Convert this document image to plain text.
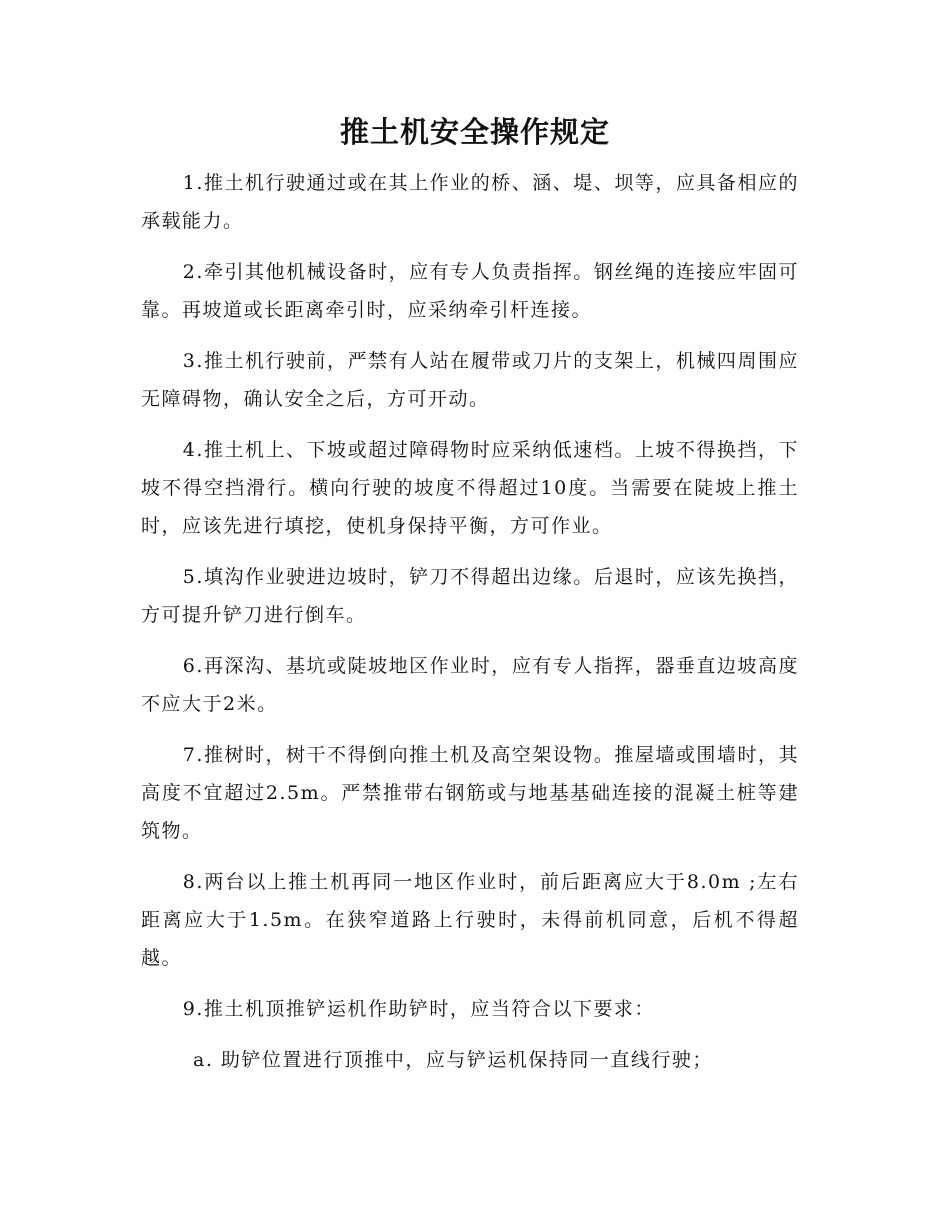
推土机安全操作规定

1.推土机行驶通过或在其上作业的桥、涵、堤、坝等，应具备相应的承载能力。

2.牵引其他机械设备时，应有专人负责指挥。钢丝绳的连接应牢固可靠。再坡道或长距离牵引时，应采纳牵引杆连接。

3.推土机行驶前，严禁有人站在履带或刀片的支架上，机械四周围应无障碍物，确认安全之后，方可开动。

4.推土机上、下坡或超过障碍物时应采纳低速档。上坡不得换挡，下坡不得空挡滑行。横向行驶的坡度不得超过10度。当需要在陡坡上推土时，应该先进行填挖，使机身保持平衡，方可作业。

5.填沟作业驶进边坡时，铲刀不得超出边缘。后退时，应该先换挡，方可提升铲刀进行倒车。

6.再深沟、基坑或陡坡地区作业时，应有专人指挥，器垂直边坡高度不应大于2米。

7.推树时，树干不得倒向推土机及高空架设物。推屋墙或围墙时，其高度不宜超过2.5m。严禁推带右钢筋或与地基基础连接的混凝土桩等建筑物。

8.两台以上推土机再同一地区作业时，前后距离应大于8.0m ;左右距离应大于1.5m。在狭窄道路上行驶时，未得前机同意，后机不得超越。

9.推土机顶推铲运机作助铲时，应当符合以下要求：

a. 助铲位置进行顶推中，应与铲运机保持同一直线行驶；
